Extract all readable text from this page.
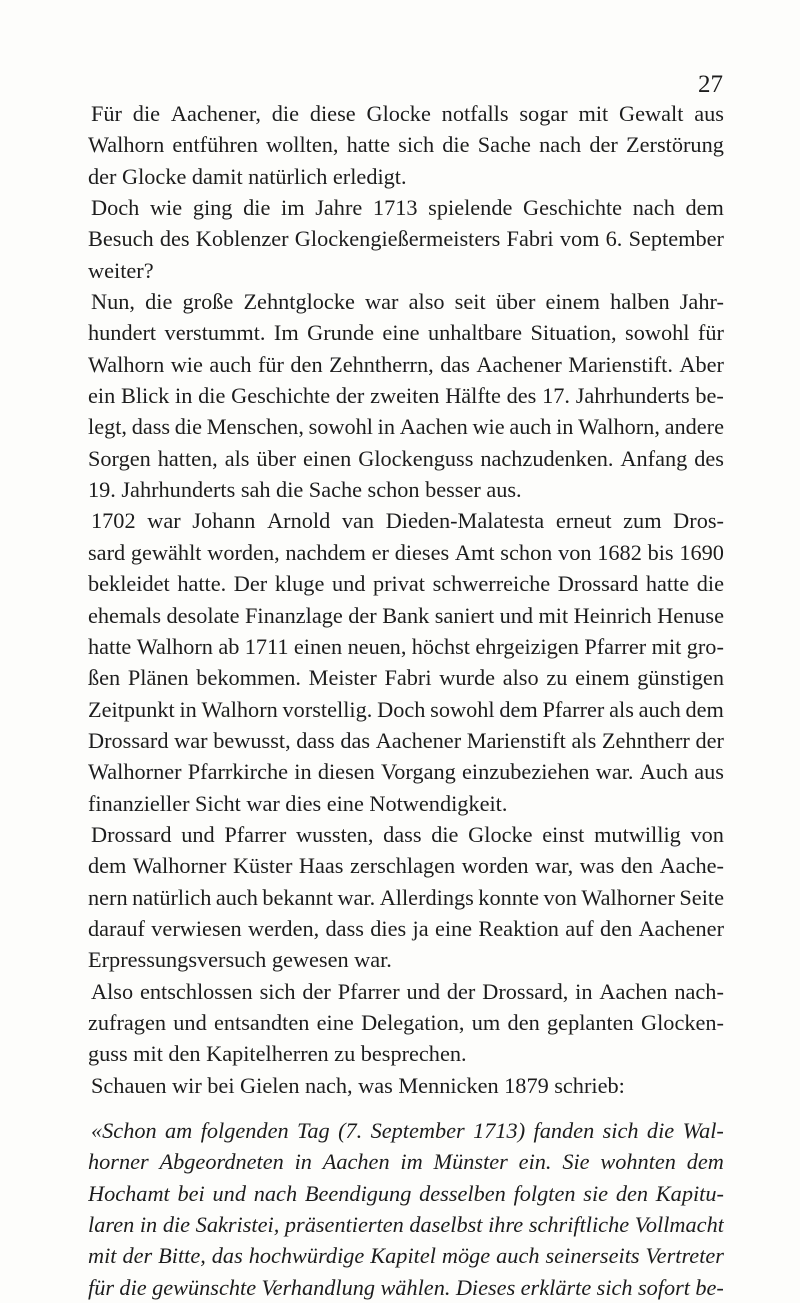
27
Für die Aachener, die diese Glocke notfalls sogar mit Gewalt aus
Walhorn entführen wollten, hatte sich die Sache nach der Zerstörung
der Glocke damit natürlich erledigt.
Doch wie ging die im Jahre 1713 spielende Geschichte nach dem
Besuch des Koblenzer Glockengießermeisters Fabri vom 6. September
weiter?
Nun, die große Zehntglocke war also seit über einem halben Jahr-
hundert verstummt. Im Grunde eine unhaltbare Situation, sowohl für
Walhorn wie auch für den Zehntherrn, das Aachener Marienstift. Aber
ein Blick in die Geschichte der zweiten Hälfte des 17. Jahrhunderts be-
legt, dass die Menschen, sowohl in Aachen wie auch in Walhorn, andere
Sorgen hatten, als über einen Glockenguss nachzudenken. Anfang des
19. Jahrhunderts sah die Sache schon besser aus.
1702 war Johann Arnold van Dieden-Malatesta erneut zum Dros-
sard gewählt worden, nachdem er dieses Amt schon von 1682 bis 1690
bekleidet hatte. Der kluge und privat schwerreiche Drossard hatte die
ehemals desolate Finanzlage der Bank saniert und mit Heinrich Henuse
hatte Walhorn ab 1711 einen neuen, höchst ehrgeizigen Pfarrer mit gro-
ßen Plänen bekommen. Meister Fabri wurde also zu einem günstigen
Zeitpunkt in Walhorn vorstellig. Doch sowohl dem Pfarrer als auch dem
Drossard war bewusst, dass das Aachener Marienstift als Zehntherr der
Walhorner Pfarrkirche in diesen Vorgang einzubeziehen war. Auch aus
finanzieller Sicht war dies eine Notwendigkeit.
Drossard und Pfarrer wussten, dass die Glocke einst mutwillig von
dem Walhorner Küster Haas zerschlagen worden war, was den Aache-
nern natürlich auch bekannt war. Allerdings konnte von Walhorner Seite
darauf verwiesen werden, dass dies ja eine Reaktion auf den Aachener
Erpressungsversuch gewesen war.
Also entschlossen sich der Pfarrer und der Drossard, in Aachen nach-
zufragen und entsandten eine Delegation, um den geplanten Glocken-
guss mit den Kapitelherren zu besprechen.
Schauen wir bei Gielen nach, was Mennicken 1879 schrieb:
«Schon am folgenden Tag (7. September 1713) fanden sich die Wal-
horner Abgeordneten in Aachen im Münster ein. Sie wohnten dem
Hochamt bei und nach Beendigung desselben folgten sie den Kapitu-
laren in die Sakristei, präsentierten daselbst ihre schriftliche Vollmacht
mit der Bitte, das hochwürdige Kapitel möge auch seinerseits Vertreter
für die gewünschte Verhandlung wählen. Dieses erklärte sich sofort be-
